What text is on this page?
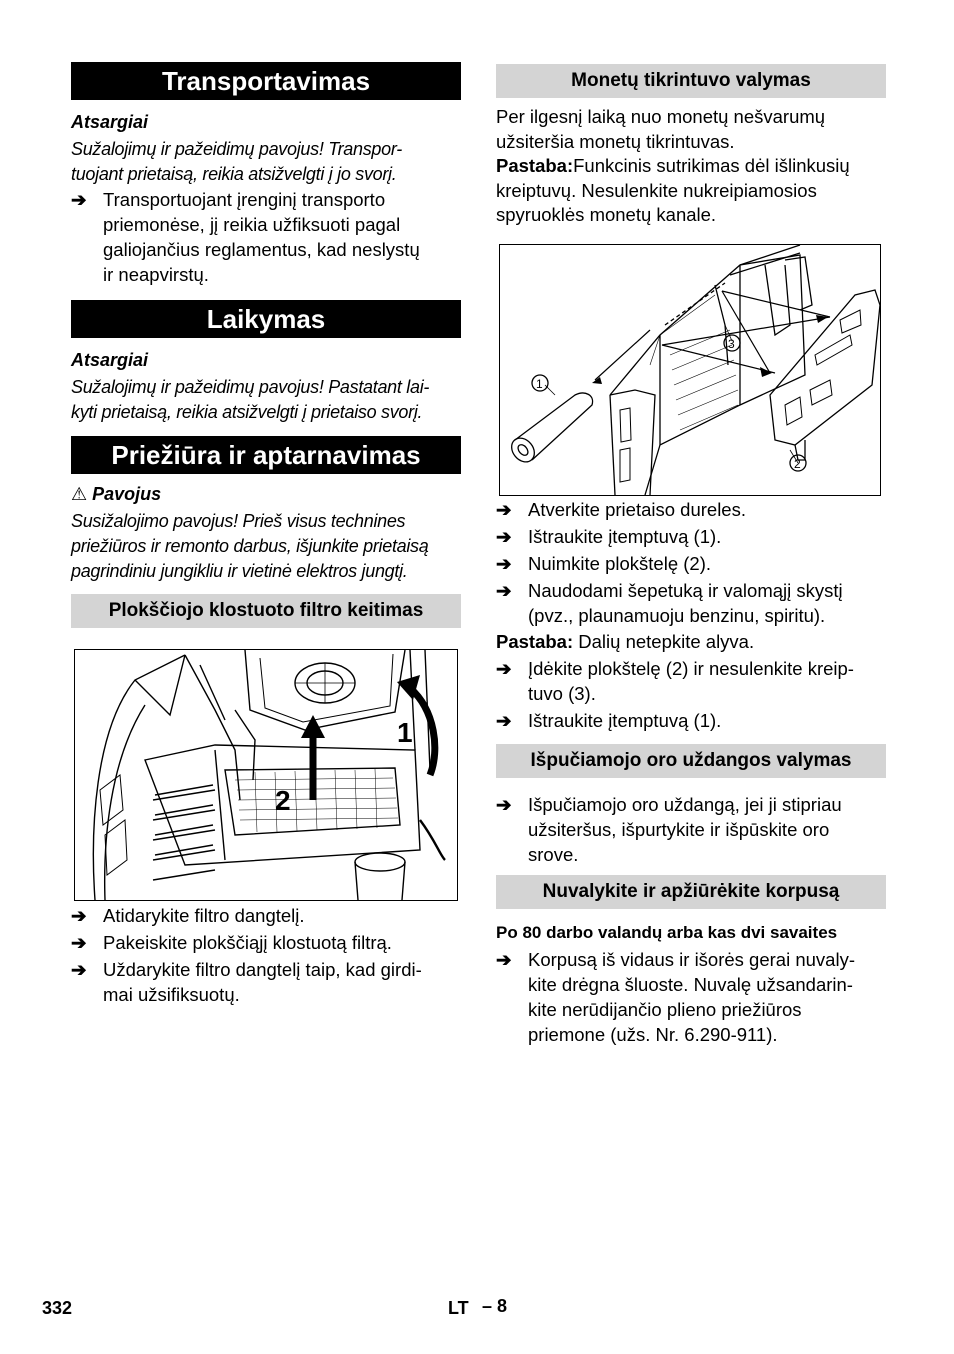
Transportavimas

Atsargiai

Sužalojimų ir pažeidimų pavojus! Transpor-
tuojant prietaisą, reikia atsižvelgti į jo svorį.

➔ Transportuojant įrenginį transporto
priemonėse, jį reikia užfiksuoti pagal
galiojančius reglamentus, kad neslystų
ir neapvirstų.
Laikymas

Atsargiai

Sužalojimų ir pažeidimų pavojus! Pastatant lai-
kyti prietaisą, reikia atsižvelgti į prietaiso svorį.

Priežiūra ir aptarnavimas

⚠ Pavojus

Susižalojimo pavojus! Prieš visus technines
priežiūros ir remonto darbus, išjunkite prietaisą
pagrindiniu jungikliu ir vietinė elektros jungtį.

Plokščiojo klostuoto filtro keitimas
1
2
➔ Atidarykite filtro dangtelį.
➔ Pakeiskite plokščiąjį klostuotą filtrą.
➔ Uždarykite filtro dangtelį taip, kad girdi-
mai užsifiksuotų.
Monetų tikrintuvo valymas

Per ilgesnį laiką nuo monetų nešvarumų
užsiteršia monetų tikrintuvas.

Pastaba:Funkcinis sutrikimas dėl išlinkusių
kreiptuvų. Nesulenkite nukreipiamosios
spyruoklės monetų kanale.

1
2
3
➔ Atverkite prietaiso dureles.
➔ Ištraukite įtemptuvą (1).
➔ Nuimkite plokštelę (2).
➔ Naudodami šepetuką ir valomąjį skystį
(pvz., plaunamuoju benzinu, spiritu).

Pastaba: Dalių netepkite alyva.

➔ Įdėkite plokštelę (2) ir nesulenkite kreip-
tuvo (3).
➔ Ištraukite įtemptuvą (1).
Išpučiamojo oro uždangos valymas
➔ Išpučiamojo oro uždangą, jei ji stipriau
užsiteršus, išpurtykite ir išpūskite oro
srove.
Nuvalykite ir apžiūrėkite korpusą

Po 80 darbo valandų arba kas dvi savaites

➔ Korpusą iš vidaus ir išorės gerai nuvaly-
kite drėgna šluoste. Nuvalę užsandarin-
kite nerūdijančio plieno priežiūros
priemone (užs. Nr. 6.290-911).
332	LT – 8
